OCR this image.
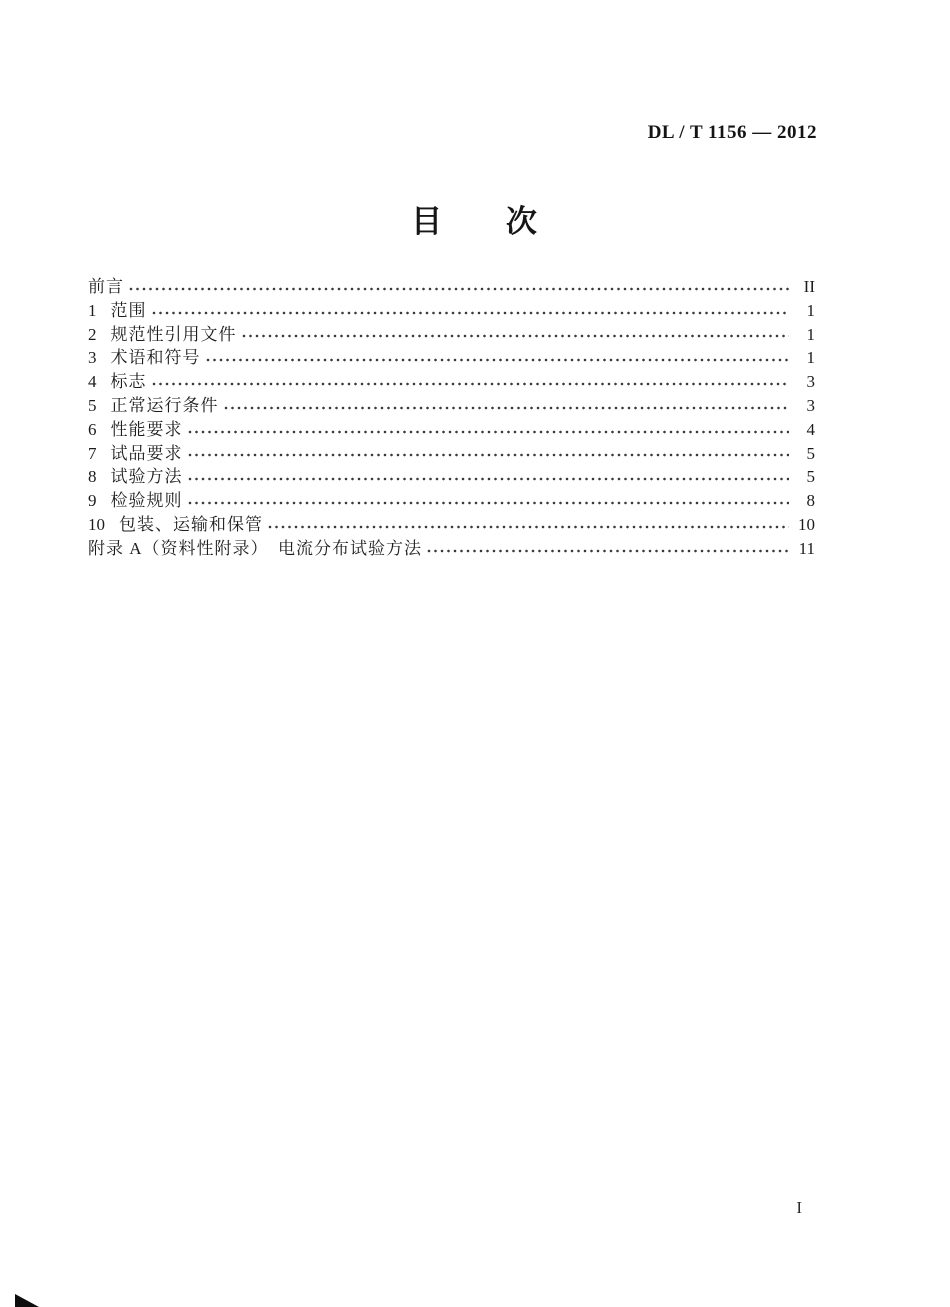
DL / T 1156 — 2012
目 次
前言	II
1 范围	1
2 规范性引用文件	1
3 术语和符号	1
4 标志	3
5 正常运行条件	3
6 性能要求	4
7 试品要求	5
8 试验方法	5
9 检验规则	8
10 包装、运输和保管	10
附录 A（资料性附录）　电流分布试验方法	11
I
